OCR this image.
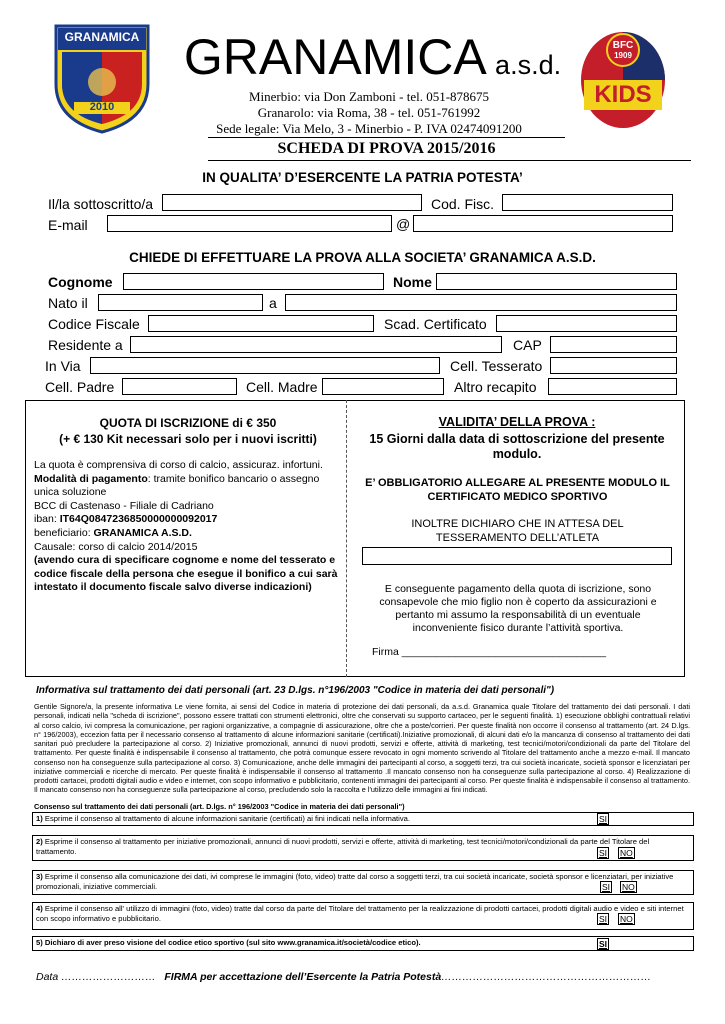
GRANAMICA
2010
BFC
1909
KIDS
GRANAMICA a.s.d.
Minerbio: via Don Zamboni - tel. 051-878675
Granarolo: via Roma, 38 - tel. 051-761992
Sede legale: Via Melo, 3 - Minerbio - P. IVA 02474091200
SCHEDA DI PROVA 2015/2016
IN QUALITA’ D’ESERCENTE LA PATRIA POTESTA’
Il/la sottoscritto/a	Cod. Fisc.
E-mail	@
CHIEDE DI EFFETTUARE LA PROVA ALLA SOCIETA’ GRANAMICA A.S.D.
Cognome	Nome
Nato il	a
Codice Fiscale	Scad. Certificato
Residente a	CAP
In Via	Cell. Tesserato
Cell. Padre	Cell. Madre	Altro recapito
QUOTA DI ISCRIZIONE di € 350
(+ € 130 Kit necessari solo per i nuovi iscritti)
La quota è comprensiva di corso di calcio, assicuraz. infortuni.
Modalità di pagamento: tramite bonifico bancario o assegno unica soluzione
BCC di Castenaso - Filiale di Cadriano
iban: IT64Q0847236850000000092017
beneficiario: GRANAMICA A.S.D.
Causale: corso di calcio 2014/2015
(avendo cura di specificare cognome e nome del tesserato e codice fiscale della persona che esegue il bonifico a cui sarà intestato il documento fiscale salvo diverse indicazioni)
VALIDITA’ DELLA PROVA :
15 Giorni dalla data di sottoscrizione del presente modulo.
E’ OBBLIGATORIO ALLEGARE AL PRESENTE MODULO IL CERTIFICATO MEDICO SPORTIVO
INOLTRE DICHIARO CHE IN ATTESA DEL TESSERAMENTO DELL’ATLETA
E conseguente pagamento della quota di iscrizione, sono consapevole che mio figlio non è coperto da assicurazioni e pertanto mi assumo la responsabilità di un eventuale inconveniente fisico durante l’attività sportiva.
Firma ___________________________________
Informativa sul trattamento dei dati personali (art. 23 D.lgs. n°196/2003 "Codice in materia dei dati personali")
Gentile Signore/a, la presente informativa Le viene fornita, ai sensi del Codice in materia di protezione dei dati personali, da a.s.d. Granamica quale Titolare del trattamento dei dati personali. I dati personali, indicati nella "scheda di iscrizione", possono essere trattati con strumenti elettronici, oltre che conservati su supporto cartaceo, per le seguenti finalità. 1) esecuzione obblighi contrattuali relativi al corso calcio, ivi compresa la comunicazione, per ragioni organizzative, a compagnie di assicurazione, oltre che a poste/corrieri. Per queste finalità non occorre il consenso al trattamento (art. 24 D.lgs. n° 196/2003), eccezion fatta per il necessario consenso al trattamento di alcune informazioni sanitarie (certificati).Iniziative promozionali, di alcuni dati e/o la mancanza di consenso al trattamento dei dati sanitari può precludere la partecipazione al corso. 2) Iniziative promozionali, annunci di nuovi prodotti, servizi e offerte, attività di marketing, test tecnici/motori/condizionali da parte del Titolare del trattamento. Per queste finalità è indispensabile il consenso al trattamento, che potrà comunque essere revocato in ogni momento scrivendo al Titolare del trattamento anche a mezzo e-mail. Il mancato consenso non ha conseguenze sulla partecipazione al corso. 3) Comunicazione, anche delle immagini dei partecipanti al corso, a soggetti terzi, tra cui società incaricate, società sponsor e licenziatari per iniziative commerciali e ricerche di mercato. Per queste finalità è indispensabile il consenso al trattamento .Il mancato consenso non ha conseguenze sulla partecipazione al corso. 4) Realizzazione di prodotti cartacei, prodotti digitali audio e video e internet, con scopo informativo e pubblicitario, contenenti immagini dei partecipanti al corso. Per queste finalità è indispensabile il consenso al trattamento. Il mancato consenso non ha conseguenze sulla partecipazione al corso, precludendo solo la raccolta e l'utilizzo delle immagini ai fini indicati.
Consenso sul trattamento dei dati personali (art. D.lgs. n° 196/2003 "Codice in materia dei dati personali")
1) Esprime il consenso al trattamento di alcune informazioni sanitarie (certificati) ai fini indicati nella informativa.	SI
2) Esprime il consenso al trattamento per iniziative promozionali, annunci di nuovi prodotti, servizi e offerte, attività di marketing, test tecnici/motori/condizionali da parte del Titolare del trattamento.	SI NO
3) Esprime il consenso alla comunicazione dei dati, ivi comprese le immagini (foto, video) tratte dal corso a soggetti terzi, tra cui società incaricate, società sponsor e licenziatari, per iniziative promozionali, iniziative commerciali.	SI NO
4) Esprime il consenso all' utilizzo di immagini (foto, video) tratte dal corso da parte del Titolare del trattamento per la realizzazione di prodotti cartacei, prodotti digitali audio e video e siti internet con scopo informativo e pubblicitario.	SI NO
5) Dichiaro di aver preso visione del codice etico sportivo (sul sito www.granamica.it/società/codice etico).	SI
Data ……………………… FIRMA per accettazione dell’Esercente la Patria Potestà……………………………………………………
